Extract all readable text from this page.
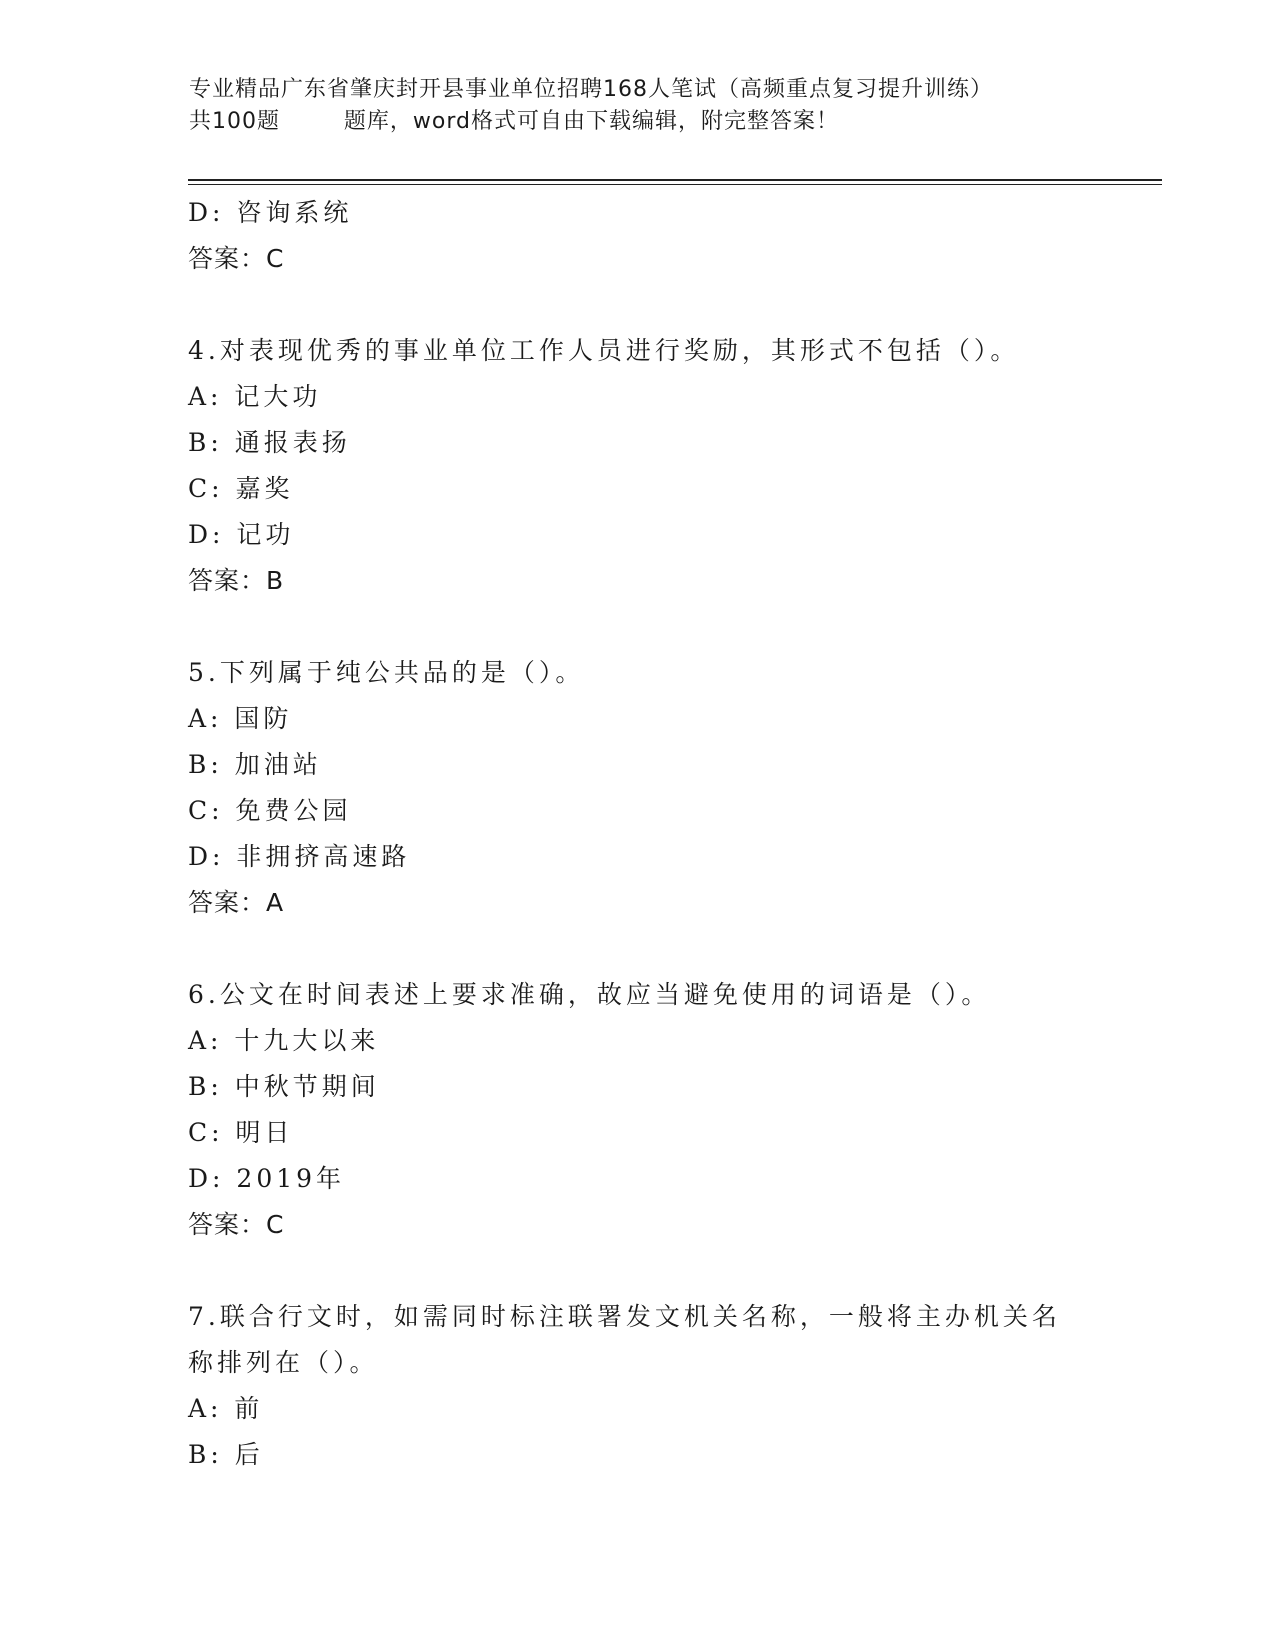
专业精品广东省肇庆封开县事业单位招聘168人笔试（高频重点复习提升训练）
共100题        题库，word格式可自由下载编辑，附完整答案！
D: 咨询系统
答案：C
4.对表现优秀的事业单位工作人员进行奖励，其形式不包括（）。
A: 记大功
B: 通报表扬
C: 嘉奖
D: 记功
答案：B
5.下列属于纯公共品的是（）。
A: 国防
B: 加油站
C: 免费公园
D: 非拥挤高速路
答案：A
6.公文在时间表述上要求准确，故应当避免使用的词语是（）。
A: 十九大以来
B: 中秋节期间
C: 明日
D: 2019年
答案：C
7.联合行文时，如需同时标注联署发文机关名称，一般将主办机关名
称排列在（）。
A: 前
B: 后
